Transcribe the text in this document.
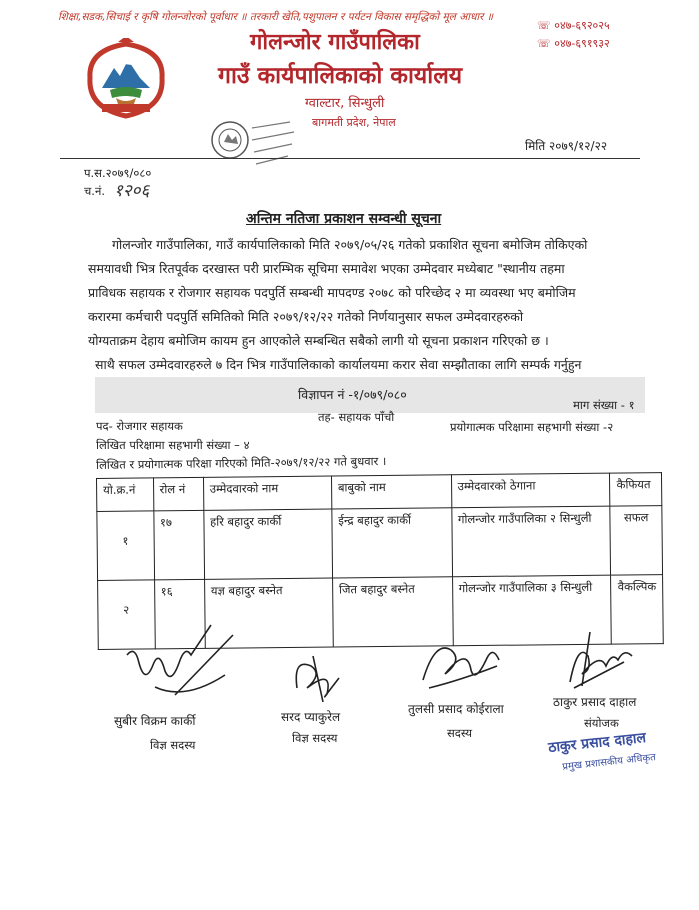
शिक्षा,सडक,सिचाई र कृषि गोलन्जोरको पूर्वाधार ॥ तरकारी खेति,पशुपालन र पर्यटन विकास समृद्धिको मूल आधार ॥
☏ ०४७-६९२०२५
☏ ०४७-६९१९३२
गोलन्जोर गाउँपालिका
गाउँ कार्यपालिकाको कार्यालय
ग्वाल्टार, सिन्धुली
बागमती प्रदेश, नेपाल
मिति २०७९/१२/२२
प.स.२०७९/०८०
च.नं. १२०६
अन्तिम नतिजा प्रकाशन सम्वन्धी सूचना
गोलन्जोर गाउँपालिका, गाउँ कार्यपालिकाको मिति २०७९/०५/२६ गतेको प्रकाशित सूचना बमोजिम तोकिएको
समयावधी भित्र रितपूर्वक दरखास्त परी प्रारम्भिक सूचिमा समावेश भएका उम्मेदवार मध्येबाट "स्थानीय तहमा
प्राविधक सहायक र रोजगार सहायक पदपुर्ति सम्बन्धी मापदण्ड २०७८ को परिच्छेद २ मा व्यवस्था भए बमोजिम
करारमा कर्मचारी पदपुर्ति समितिको मिति २०७९/१२/२२ गतेको निर्णयानुसार सफल उम्मेदवारहरुको
योग्यताक्रम देहाय बमोजिम कायम हुन आएकोले सम्बन्धित सबैको लागी यो सूचना प्रकाशन गरिएको छ ।
साथै सफल उम्मेदवारहरुले ७ दिन भित्र गाउँपालिकाको कार्यालयमा करार सेवा सम्झौताका लागि सम्पर्क गर्नुहुन
विज्ञापन नं -१/०७९/०८०
पद- रोजगार सहायक
तह- सहायक पाँचौ
माग संख्या - १
लिखित परिक्षामा सहभागी संख्या – ४
प्रयोगात्मक परिक्षामा सहभागी संख्या -२
लिखित र प्रयोगात्मक परिक्षा गरिएको मिति-२०७९/१२/२२ गते बुधवार ।
यो.क्र.नं	रोल नं	उम्मेदवारको नाम	बाबुको नाम	उम्मेदवारको ठेगाना	कैफियत
१	१७	हरि बहादुर कार्की	ईन्द्र बहादुर कार्की	गोलन्जोर गाउँपालिका २ सिन्धुली	सफल
२	१६	यज्ञ बहादुर बस्नेत	जित बहादुर बस्नेत	गोलन्जोर गाउँपालिका ३ सिन्धुली	वैकल्पिक
सुबीर विक्रम कार्की
विज्ञ सदस्य
सरद प्याकुरेल
विज्ञ सदस्य
तुलसी प्रसाद कोईराला
सदस्य
ठाकुर प्रसाद दाहाल
संयोजक
ठाकुर प्रसाद दाहाल
प्रमुख प्रशासकीय अधिकृत
